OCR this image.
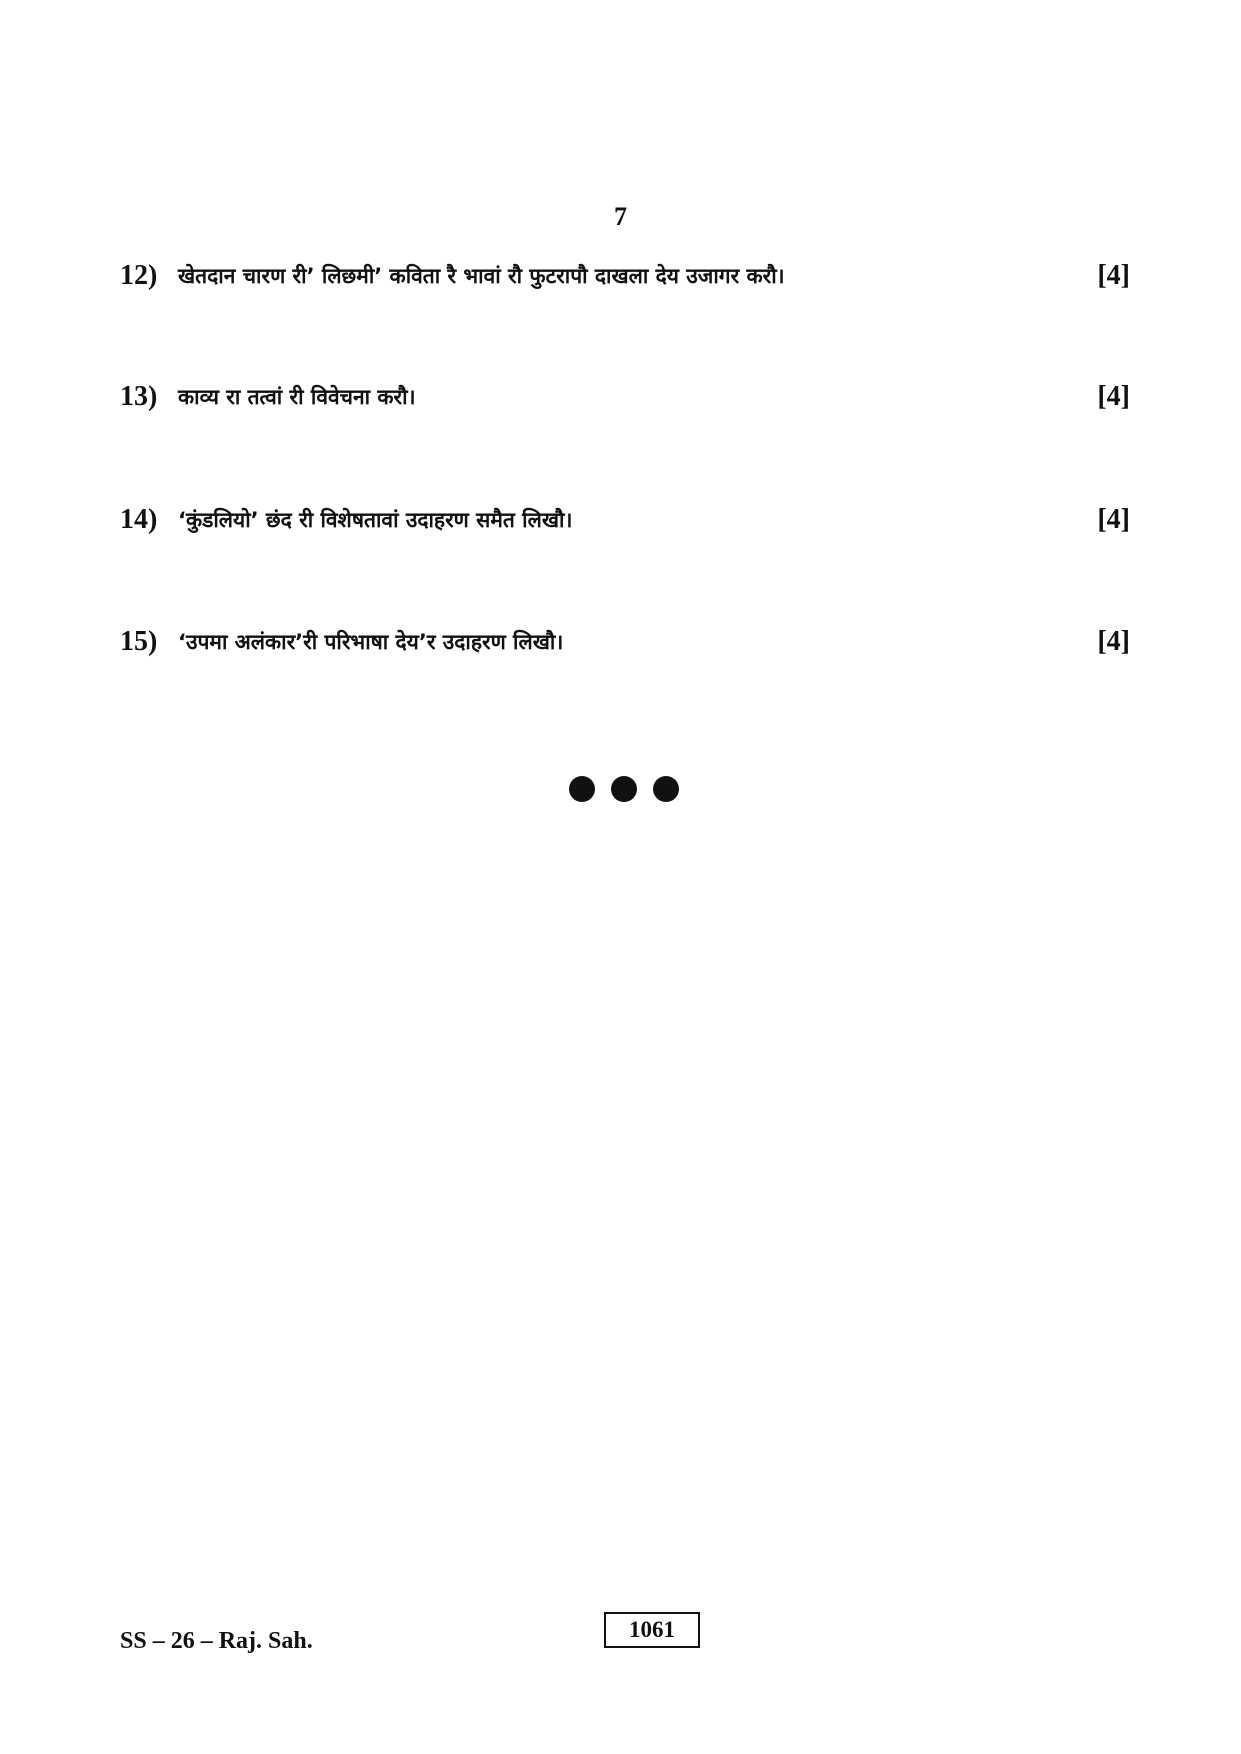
7
12) खेतदान चारण री’ लिछमी’ कविता रै भावां रौ फुटरापौ दाखला देय उजागर करौ।	[4]
13) काव्य रा तत्वां री विवेचना करौ।	[4]
14) ‘कुंडलियो’ छंद री विशेषतावां उदाहरण समैत लिखौ।	[4]
15) ‘उपमा अलंकार’री परिभाषा देय’र उदाहरण लिखौ।	[4]
SS – 26 – Raj. Sah.	1061
